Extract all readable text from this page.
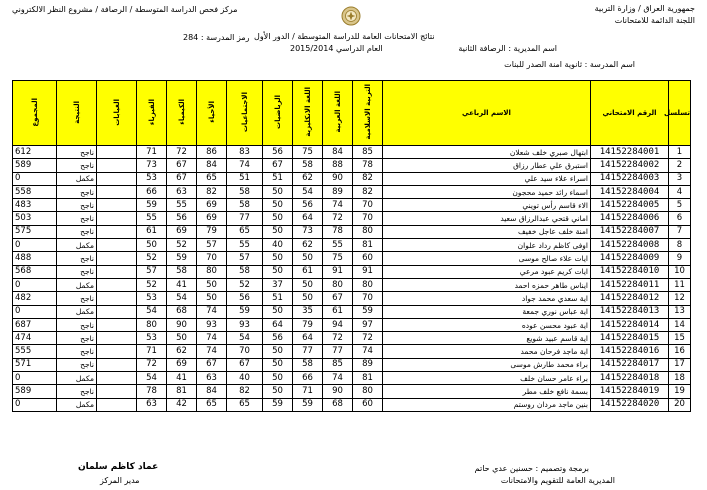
جمهورية العراق / وزارة التربية
اللجنة الدائمة للامتحانات
مركز فحص الدراسة المتوسطة / الرصافة / مشروع النظر الالكتروني
نتائج الامتحانات العامة للدراسة المتوسطة / الدور الأول
العام الدراسي 2015/2014
رمز المدرسة : 284
اسم المديرية : الرصافة الثانية
اسم المدرسة : ثانوية امنة الصدر للبنات
تسلسل	الرقم الامتحاني	الاسم الرباعي	التربية الاسلامية	اللغة العربية	اللغة الانكليزية	الرياضيات	الاجتماعيات	الأحياء	الكيمياء	الفيزياء	الغيابات	النتيجة	المجموع
1	14152284001	ابتهال صبري خلف شعلان	85	84	75	56	83	86	72	71		ناجح	612
2	14152284002	استبرق علي عطار رزاق	78	88	58	67	74	84	67	73		ناجح	589
3	14152284003	اسراء علاء سيد علي	82	90	62	51	51	65	67	53		مكمل	0
4	14152284004	اسماء رائد حميد محجون	82	89	54	50	58	82	63	66		ناجح	558
5	14152284005	الاء قاسم رأس تويني	70	74	56	50	58	69	55	59		ناجح	483
6	14152284006	اماني قتحي عبدالرزاق سعيد	70	72	64	50	77	69	56	55		ناجح	503
7	14152284007	امنة خلف عاجل خفيف	80	78	73	50	65	79	69	61		ناجح	575
8	14152284008	اوفى كاظم رداد علوان	81	55	62	40	55	57	52	50		مكمل	0
9	14152284009	ايات علاء صالح موسى	60	75	50	50	57	70	59	52		ناجح	488
10	14152284010	ايات كريم عبود مرعي	91	91	61	50	58	80	58	57		ناجح	568
11	14152284011	ايناس طاهر حمزه احمد	80	80	50	37	52	50	41	52		مكمل	0
12	14152284012	اية سعدي محمد جواد	70	67	50	51	56	50	54	53		ناجح	482
13	14152284013	اية عباس نوري جمعة	59	61	35	50	59	74	68	54		مكمل	0
14	14152284014	اية عبود محسن عوده	97	94	79	64	93	93	90	80		ناجح	687
15	14152284015	اية قاسم عبيد شويع	72	72	64	56	54	74	50	53		ناجح	474
16	14152284016	اية ماجد فرحان محمد	74	77	77	50	70	74	62	71		ناجح	555
17	14152284017	براء محمد طارش موسى	89	85	58	50	67	67	69	72		ناجح	571
18	14152284018	براء عامر حسان خلف	81	74	66	50	40	63	41	54		مكمل	0
19	14152284019	بسمة نافع خلف مطر	80	90	71	50	82	84	81	78		ناجح	589
20	14152284020	بنين ماجد مردان روستم	60	68	59	59	65	65	42	63		مكمل	0
برمجة وتصميم : حسنين عدي حاتم
المديرية العامة للتقويم والامتحانات
عماد كاظم سلمان
مدير المركز
